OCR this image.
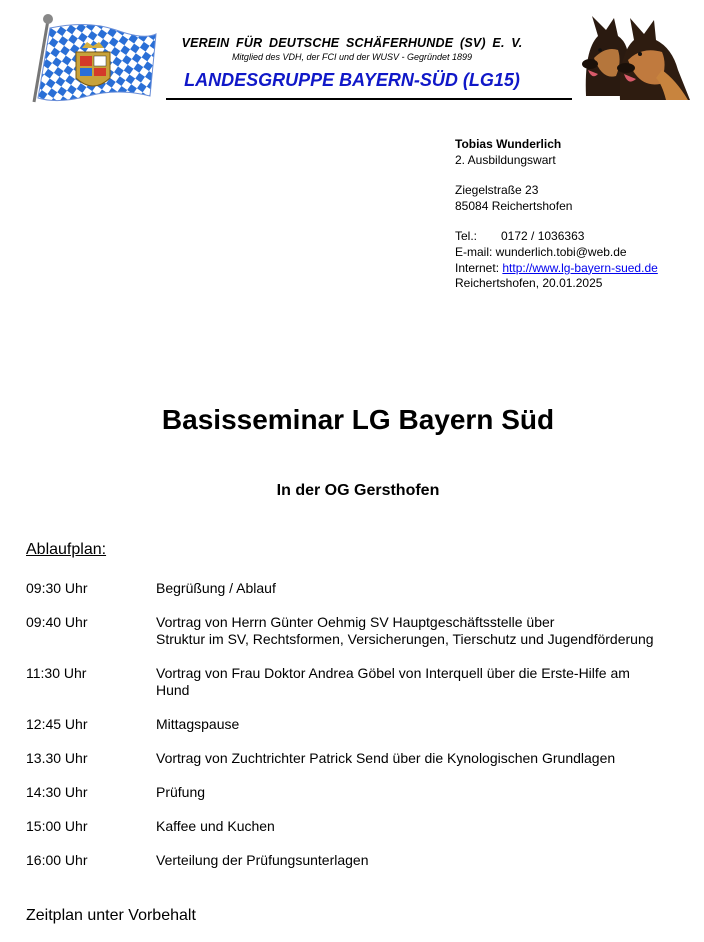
VEREIN FÜR DEUTSCHE SCHÄFERHUNDE (SV) E. V.
Mitglied des VDH, der FCI und der WUSV - Gegründet 1899
LANDESGRUPPE BAYERN-SÜD (LG15)
Tobias Wunderlich
2. Ausbildungswart
Ziegelstraße 23
85084 Reichertshofen
Tel.: 0172 / 1036363
E-mail: wunderlich.tobi@web.de
Internet: http://www.lg-bayern-sued.de
Reichertshofen, 20.01.2025
Basisseminar LG Bayern Süd
In der OG Gersthofen
Ablaufplan:
09:30 Uhr	Begrüßung / Ablauf
09:40 Uhr	Vortrag von Herrn Günter Oehmig SV Hauptgeschäftsstelle über
Struktur im SV, Rechtsformen, Versicherungen, Tierschutz und Jugendförderung
11:30 Uhr	Vortrag von Frau Doktor Andrea Göbel von Interquell über die Erste-Hilfe am
Hund
12:45 Uhr	Mittagspause
13.30 Uhr	Vortrag von Zuchtrichter Patrick Send über die Kynologischen Grundlagen
14:30 Uhr	Prüfung
15:00 Uhr	Kaffee und Kuchen
16:00 Uhr	Verteilung der Prüfungsunterlagen
Zeitplan unter Vorbehalt
